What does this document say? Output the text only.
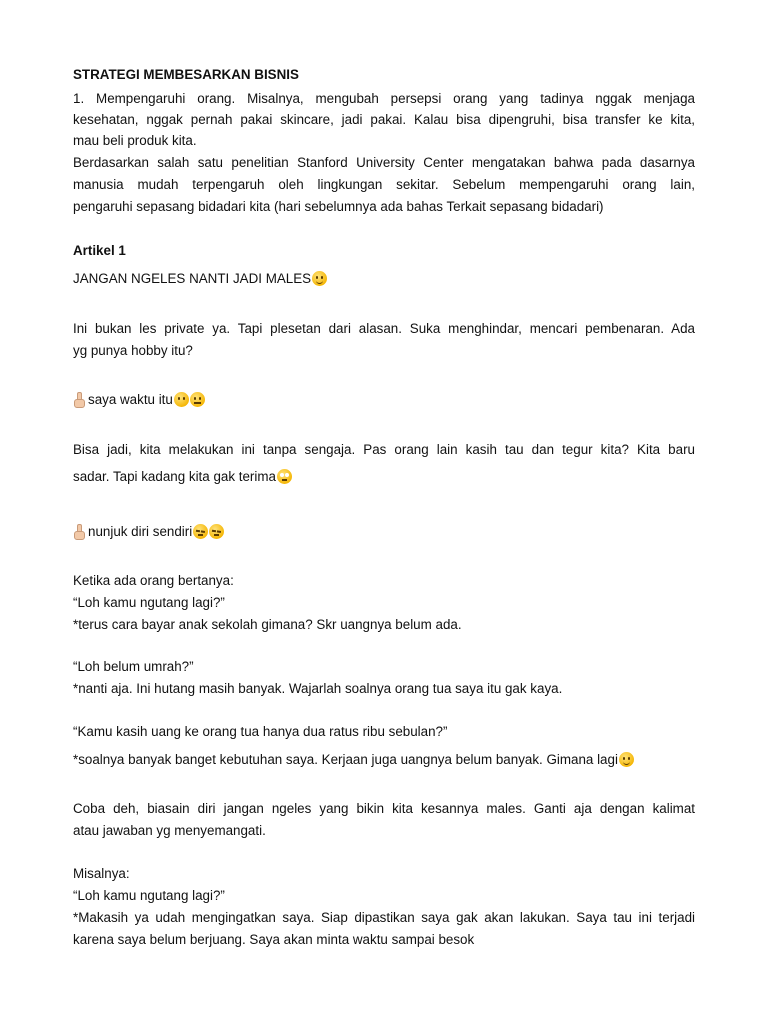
STRATEGI MEMBESARKAN BISNIS
1. Mempengaruhi orang. Misalnya, mengubah persepsi orang yang tadinya nggak menjaga
kesehatan, nggak pernah pakai skincare, jadi pakai. Kalau bisa dipengruhi, bisa transfer ke kita,
mau beli produk kita.
Berdasarkan salah satu penelitian Stanford University Center mengatakan bahwa pada dasarnya
manusia mudah terpengaruh oleh lingkungan sekitar. Sebelum mempengaruhi orang lain,
pengaruhi sepasang bidadari kita (hari sebelumnya ada bahas Terkait sepasang bidadari)
Artikel 1
JANGAN NGELES NANTI JADI MALES
Ini bukan les private ya. Tapi plesetan dari alasan. Suka menghindar, mencari pembenaran. Ada
yg punya hobby itu?
saya waktu itu
Bisa jadi, kita melakukan ini tanpa sengaja. Pas orang lain kasih tau dan tegur kita? Kita baru
sadar. Tapi kadang kita gak terima
nunjuk diri sendiri
Ketika ada orang bertanya:
“Loh kamu ngutang lagi?”
*terus cara bayar anak sekolah gimana? Skr uangnya belum ada.
“Loh belum umrah?”
*nanti aja. Ini hutang masih banyak. Wajarlah soalnya orang tua saya itu gak kaya.
“Kamu kasih uang ke orang tua hanya dua ratus ribu sebulan?”
*soalnya banyak banget kebutuhan saya. Kerjaan juga uangnya belum banyak. Gimana lagi
Coba deh, biasain diri jangan ngeles yang bikin kita kesannya males. Ganti aja dengan kalimat
atau jawaban yg menyemangati.
Misalnya:
“Loh kamu ngutang lagi?”
*Makasih ya udah mengingatkan saya. Siap dipastikan saya gak akan lakukan. Saya tau ini terjadi
karena saya belum berjuang. Saya akan minta waktu sampai besok
